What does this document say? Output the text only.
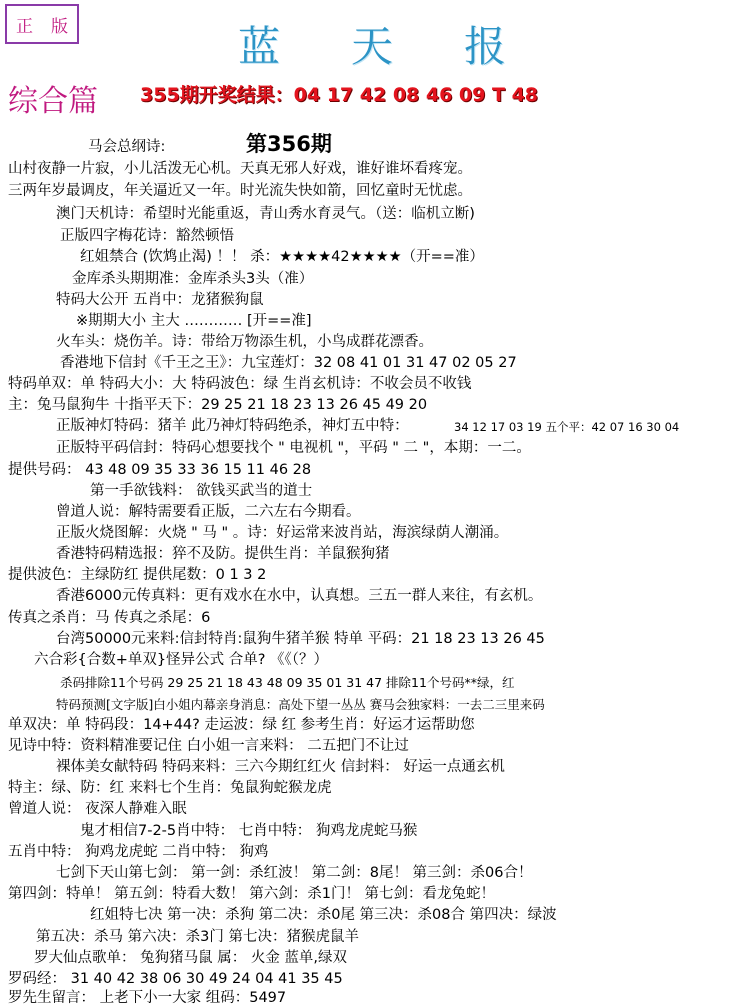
正 版	蓝 天 报
综合篇 355期开奖结果：04 17 42 08 46 09 T 48
第356期
马会总纲诗:
山村夜静一片寂，小儿活泼无心机。天真无邪人好戏，谁好谁坏看疼宠。
三两年岁最调皮，年关逼近又一年。时光流失快如箭，回忆童时无忧虑。
澳门天机诗：希望时光能重返，青山秀水育灵气。（送：临机立断)
正版四字梅花诗：豁然顿悟
红姐禁合 (饮鸩止渴) ！！ 杀：★★★★42★★★★（开==准）
金库杀头期期准：金库杀头3头（准）
特码大公开 五肖中：龙猪猴狗鼠
※期期大小 主大 ………… [开==准]
火车头：烧伤羊。诗：带给万物添生机，小鸟成群花漂香。
香港地下信封《千王之王》：九宝莲灯：32 08 41 01 31 47 02 05 27
特码单双：单 特码大小：大 特码波色：绿 生肖玄机诗：不收会员不收钱
主：兔马鼠狗牛 十指平天下：29 25 21 18 23 13 26 45 49 20
正版神灯特码：猪羊 此乃神灯特码绝杀，神灯五中特：	34 12 17 03 19 五个平：42 07 16 30 04
正版特平码信封：特码心想要找个 " 电视机 "，平码 " 二 "，本期：一二。
提供号码： 43 48 09 35 33 36 15 11 46 28
第一手欲钱料： 欲钱买武当的道士
曾道人说：解特需要看正版，二六左右今期看。
正版火烧图解：火烧 " 马 " 。诗：好运常来波肖站，海滨绿荫人潮涌。
香港特码精选报：猝不及防。提供生肖：羊鼠猴狗猪
提供波色：主绿防红 提供尾数：0 1 3 2
香港6000元传真料：更有戏水在水中，认真想。三五一群人来往，有玄机。
传真之杀肖：马 传真之杀尾：6
台湾50000元来料:信封特肖:鼠狗牛猪羊猴 特单 平码：21 18 23 13 26 45
六合彩{合数+单双}怪异公式 合单? 《《（？）
杀码排除11个号码 29 25 21 18 43 48 09 35 01 31 47 排除11个号码**绿，红
特码预测[文字版]白小姐内幕亲身消息：高处下望一丛丛 赛马会独家料：一去二三里来码
单双决：单 特码段：14+44? 走运波：绿 红 参考生肖：好运才运帮助您
见诗中特：资料精准要记住 白小姐一言来料： 二五把门不让过
裸体美女献特码 特码来料：三六今期红红火 信封料： 好运一点通玄机
特主：绿、防：红 来料七个生肖：兔鼠狗蛇猴龙虎
曾道人说： 夜深人静难入眠
鬼才相信7-2-5肖中特： 七肖中特： 狗鸡龙虎蛇马猴
五肖中特： 狗鸡龙虎蛇 二肖中特： 狗鸡
七剑下天山第七剑： 第一剑：杀红波！ 第二剑：8尾！ 第三剑：杀06合！
第四剑：特单！ 第五剑：特看大数！ 第六剑：杀1门！ 第七剑：看龙兔蛇！
红姐特七决 第一决：杀狗 第二决：杀0尾 第三决：杀08合 第四决：绿波
第五决：杀马 第六决：杀3门 第七决：猪猴虎鼠羊
罗大仙点歌单： 兔狗猪马鼠 属： 火金 蓝单,绿双
罗码经： 31 40 42 38 06 30 49 24 04 41 35 45
罗先生留言： 上老下小一大家 组码：5497
